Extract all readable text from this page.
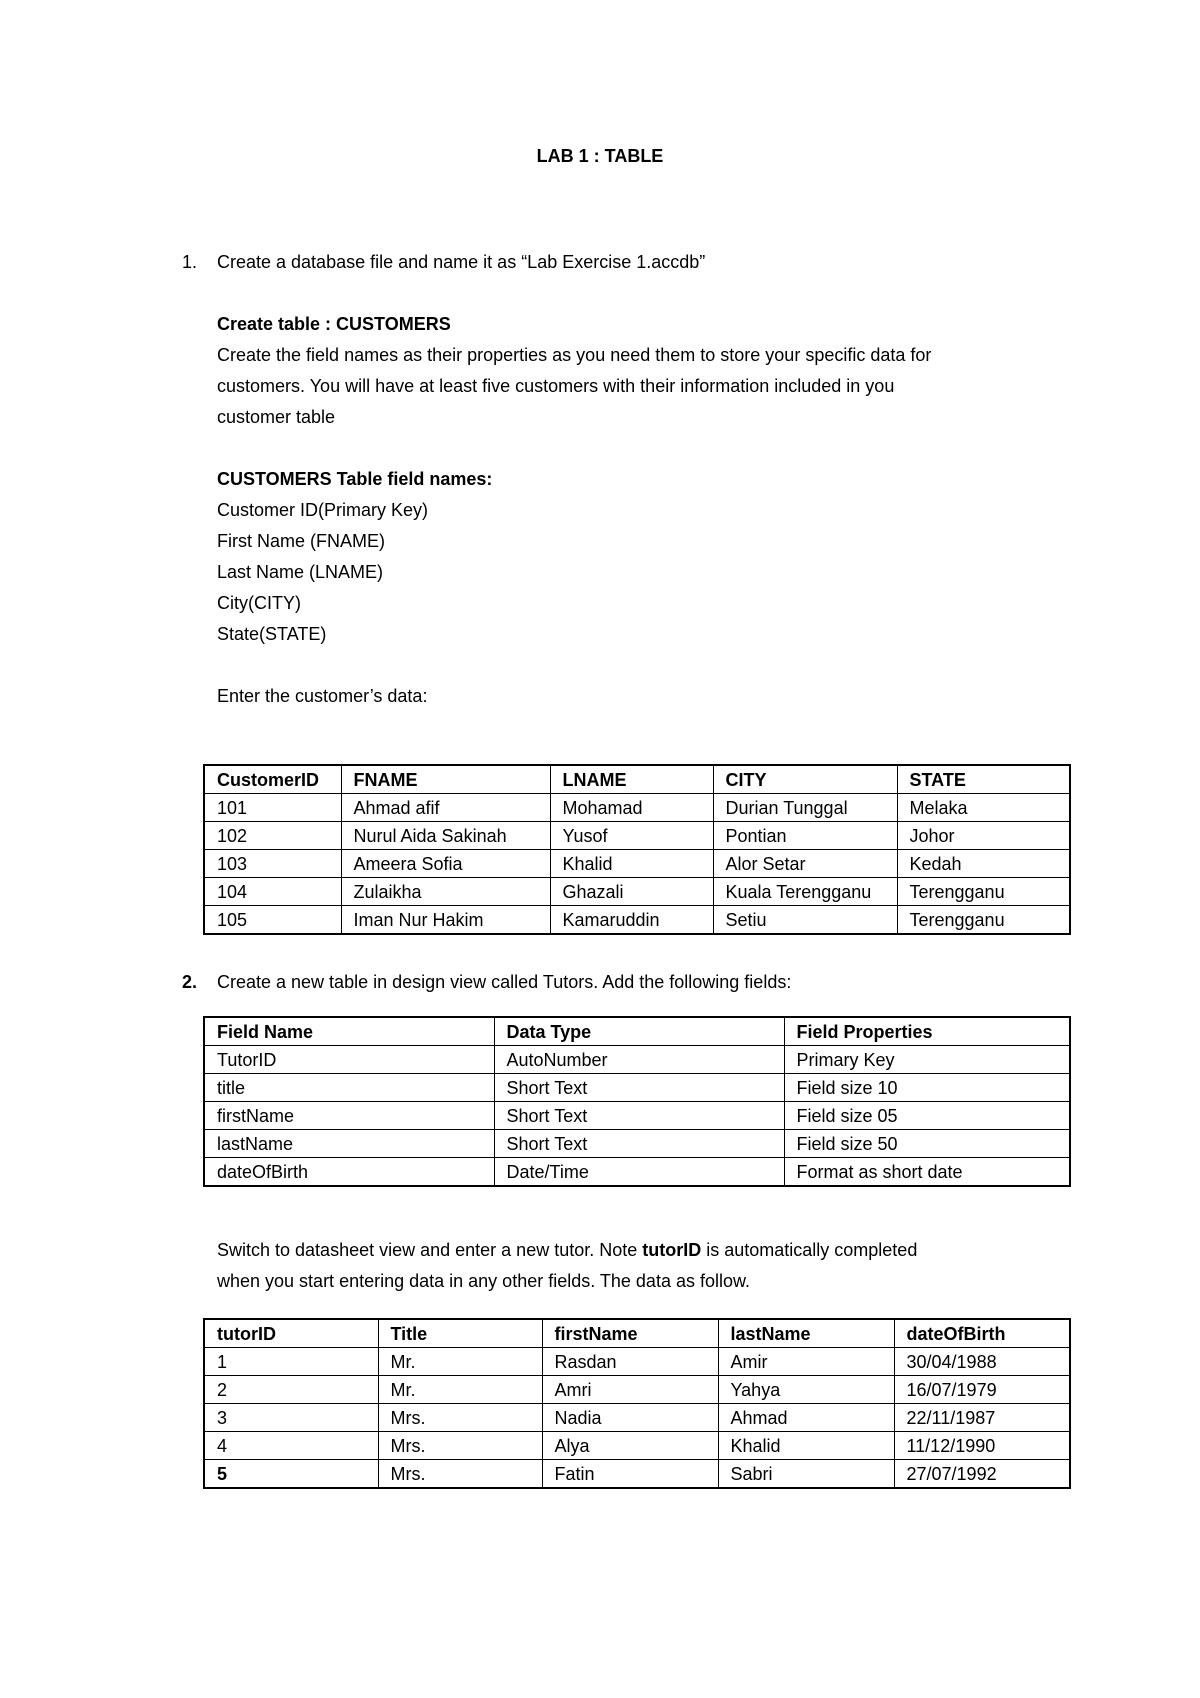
LAB 1 : TABLE
1. Create a database file and name it as “Lab Exercise 1.accdb”
Create table : CUSTOMERS
Create the field names as their properties as you need them to store your specific data for
customers. You will have at least five customers with their information included in you
customer table
CUSTOMERS Table field names:
Customer ID(Primary Key)
First Name (FNAME)
Last Name (LNAME)
City(CITY)
State(STATE)
Enter the customer’s data:
CustomerID	FNAME	LNAME	CITY	STATE
101	Ahmad afif	Mohamad	Durian Tunggal	Melaka
102	Nurul Aida Sakinah	Yusof	Pontian	Johor
103	Ameera Sofia	Khalid	Alor Setar	Kedah
104	Zulaikha	Ghazali	Kuala Terengganu	Terengganu
105	Iman Nur Hakim	Kamaruddin	Setiu	Terengganu
2. Create a new table in design view called Tutors. Add the following fields:
Field Name	Data Type	Field Properties
TutorID	AutoNumber	Primary Key
title	Short Text	Field size 10
firstName	Short Text	Field size 05
lastName	Short Text	Field size 50
dateOfBirth	Date/Time	Format as short date
Switch to datasheet view and enter a new tutor. Note tutorID is automatically completed
when you start entering data in any other fields. The data as follow.
tutorID	Title	firstName	lastName	dateOfBirth
1	Mr.	Rasdan	Amir	30/04/1988
2	Mr.	Amri	Yahya	16/07/1979
3	Mrs.	Nadia	Ahmad	22/11/1987
4	Mrs.	Alya	Khalid	11/12/1990
5	Mrs.	Fatin	Sabri	27/07/1992
